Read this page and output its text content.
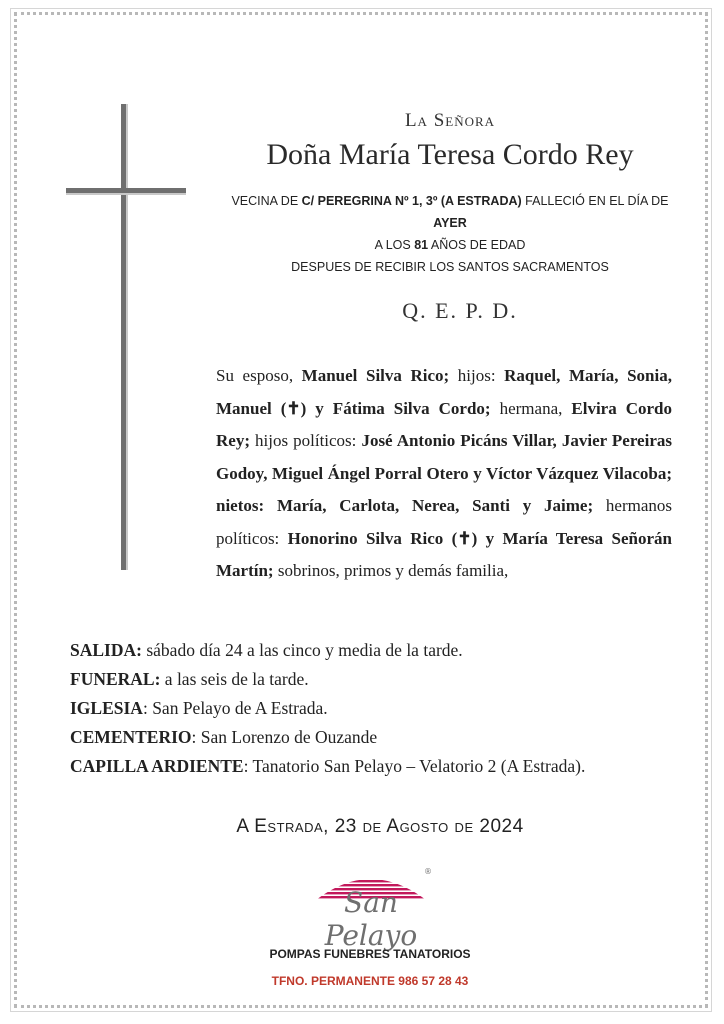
La Señora
Doña María Teresa Cordo Rey
VECINA DE C/ PEREGRINA Nº 1, 3º (A ESTRADA) FALLECIÓ EN EL DÍA DE
AYER
A LOS 81 AÑOS DE EDAD
DESPUES DE RECIBIR LOS SANTOS SACRAMENTOS
Q. E. P. D.
Su esposo, Manuel Silva Rico; hijos: Raquel, María, Sonia, Manuel (✝) y Fátima Silva Cordo; hermana, Elvira Cordo Rey; hijos políticos: José Antonio Picáns Villar, Javier Pereiras Godoy, Miguel Ángel Porral Otero y Víctor Vázquez Vilacoba; nietos: María, Carlota, Nerea, Santi y Jaime; hermanos políticos: Honorino Silva Rico (✝) y María Teresa Señorán Martín; sobrinos, primos y demás familia,
SALIDA: sábado día 24 a las cinco y media de la tarde.
FUNERAL: a las seis de la tarde.
IGLESIA: San Pelayo de A Estrada.
CEMENTERIO: San Lorenzo de Ouzande
CAPILLA ARDIENTE: Tanatorio San Pelayo – Velatorio 2 (A Estrada).
A Estrada, 23 de Agosto de 2024
®
San Pelayo
POMPAS FUNEBRES TANATORIOS
TFNO. PERMANENTE 986 57 28 43
